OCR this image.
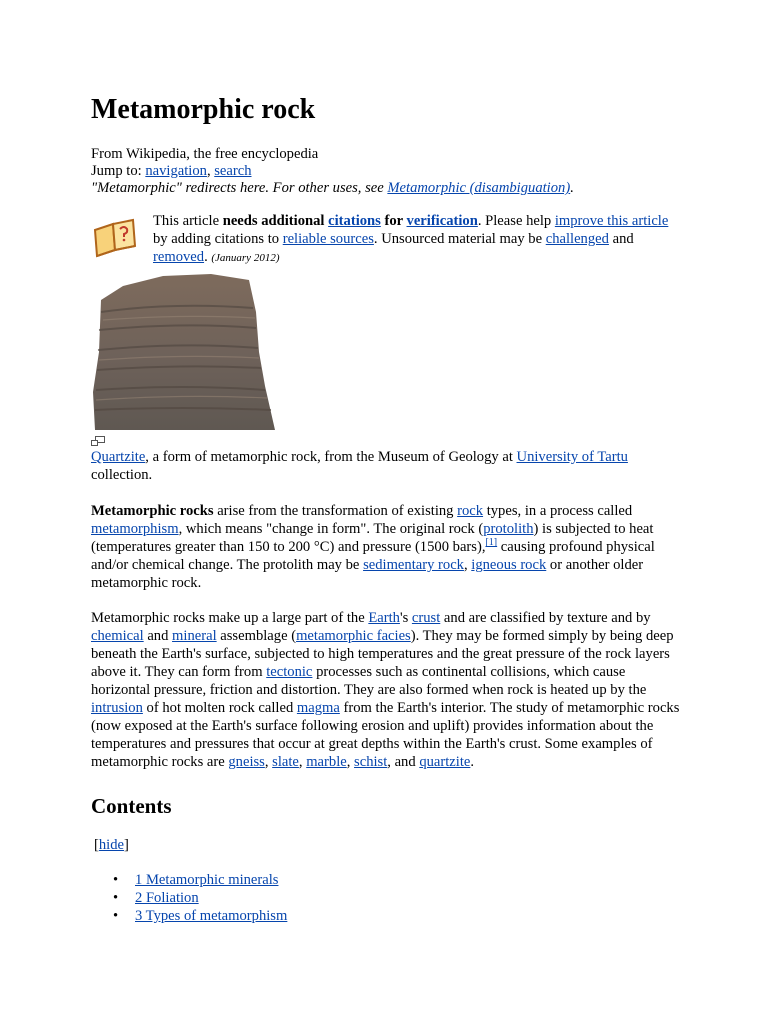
Metamorphic rock
From Wikipedia, the free encyclopedia
Jump to: navigation, search
"Metamorphic" redirects here. For other uses, see Metamorphic (disambiguation).
This article needs additional citations for verification. Please help improve this article by adding citations to reliable sources. Unsourced material may be challenged and removed. (January 2012)
Quartzite, a form of metamorphic rock, from the Museum of Geology at University of Tartu collection.
Metamorphic rocks arise from the transformation of existing rock types, in a process called metamorphism, which means "change in form". The original rock (protolith) is subjected to heat (temperatures greater than 150 to 200 °C) and pressure (1500 bars),[1] causing profound physical and/or chemical change. The protolith may be sedimentary rock, igneous rock or another older metamorphic rock.
Metamorphic rocks make up a large part of the Earth's crust and are classified by texture and by chemical and mineral assemblage (metamorphic facies). They may be formed simply by being deep beneath the Earth's surface, subjected to high temperatures and the great pressure of the rock layers above it. They can form from tectonic processes such as continental collisions, which cause horizontal pressure, friction and distortion. They are also formed when rock is heated up by the intrusion of hot molten rock called magma from the Earth's interior. The study of metamorphic rocks (now exposed at the Earth's surface following erosion and uplift) provides information about the temperatures and pressures that occur at great depths within the Earth's crust. Some examples of metamorphic rocks are gneiss, slate, marble, schist, and quartzite.
Contents
[hide]
• 1 Metamorphic minerals
• 2 Foliation
• 3 Types of metamorphism
